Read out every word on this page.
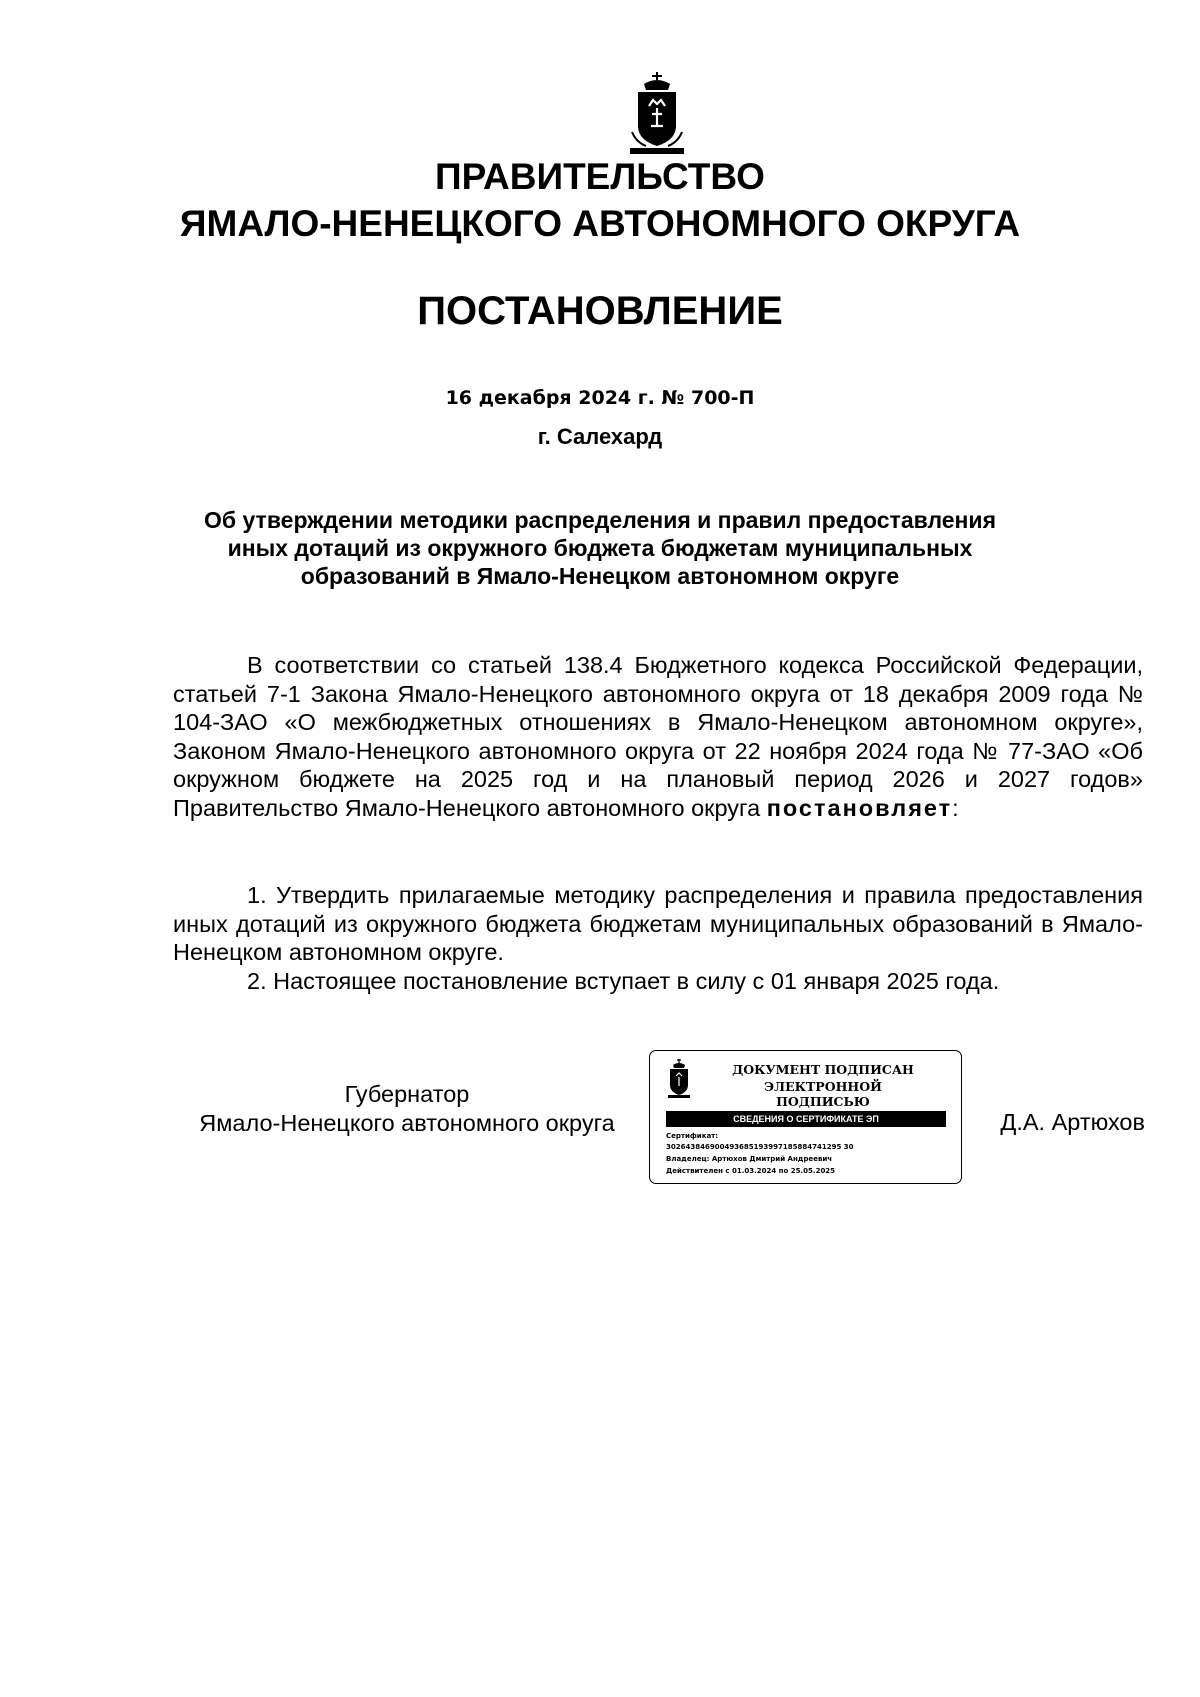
ПРАВИТЕЛЬСТВО
ЯМАЛО-НЕНЕЦКОГО АВТОНОМНОГО ОКРУГА
ПОСТАНОВЛЕНИЕ
16 декабря 2024 г. № 700-П
г. Салехард
Об утверждении методики распределения и правил предоставления иных дотаций из окружного бюджета бюджетам муниципальных образований в Ямало-Ненецком автономном округе
В соответствии со статьей 138.4 Бюджетного кодекса Российской Федерации, статьей 7-1 Закона Ямало-Ненецкого автономного округа от 18 декабря 2009 года № 104-ЗАО «О межбюджетных отношениях в Ямало-Ненецком автономном округе», Законом Ямало-Ненецкого автономного округа от 22 ноября 2024 года № 77-ЗАО «Об окружном бюджете на 2025 год и на плановый период 2026 и 2027 годов» Правительство Ямало-Ненецкого автономного округа постановляет:
1. Утвердить прилагаемые методику распределения и правила предоставления иных дотаций из окружного бюджета бюджетам муниципальных образований в Ямало-Ненецком автономном округе.
2. Настоящее постановление вступает в силу с 01 января 2025 года.
Губернатор
Ямало-Ненецкого автономного округа
ДОКУМЕНТ ПОДПИСАН
ЭЛЕКТРОННОЙ ПОДПИСЬЮ
СВЕДЕНИЯ О СЕРТИФИКАТЕ ЭП
Сертификат:
302643846900493685193997185884741295 30
Владелец: Артюхов Дмитрий Андреевич
Действителен с 01.03.2024 по 25.05.2025
Д.А. Артюхов
